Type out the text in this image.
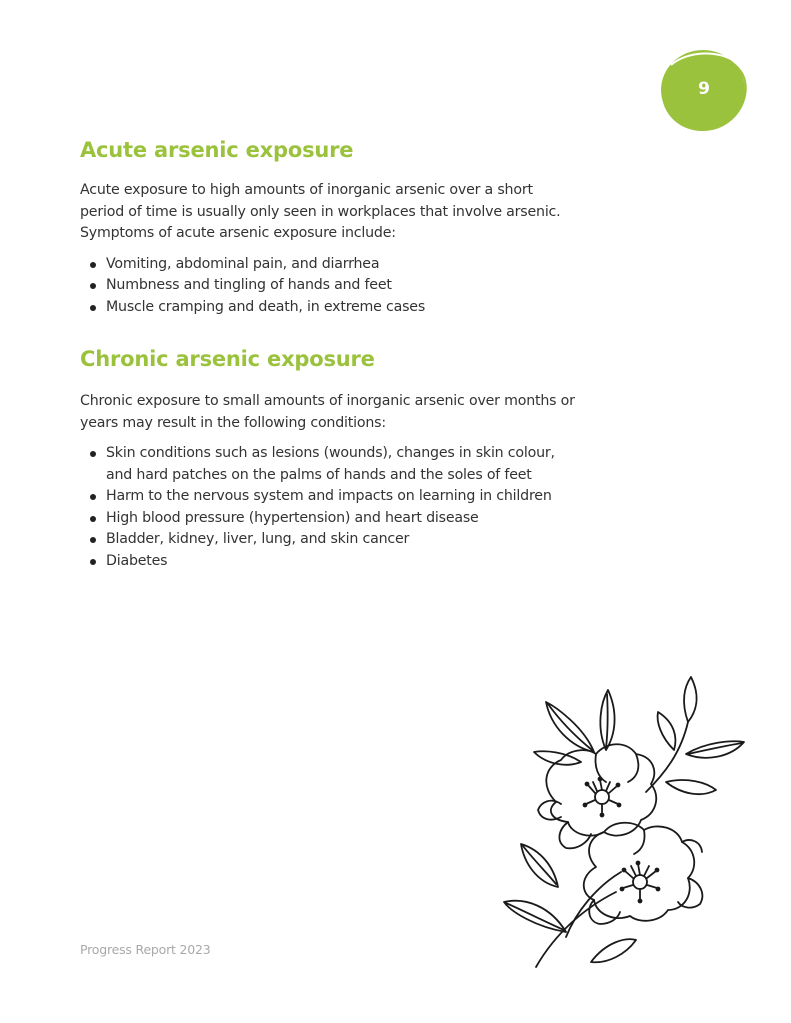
9
Acute arsenic exposure

Acute exposure to high amounts of inorganic arsenic over a short period of time is usually only seen in workplaces that involve arsenic. Symptoms of acute arsenic exposure include:

Vomiting, abdominal pain, and diarrhea
Numbness and tingling of hands and feet
Muscle cramping and death, in extreme cases
Chronic arsenic exposure

Chronic exposure to small amounts of inorganic arsenic over months or years may result in the following conditions:

Skin conditions such as lesions (wounds), changes in skin colour, and hard patches on the palms of hands and the soles of feet
Harm to the nervous system and impacts on learning in children
High blood pressure (hypertension) and heart disease
Bladder, kidney, liver, lung, and skin cancer
Diabetes
Progress Report 2023
